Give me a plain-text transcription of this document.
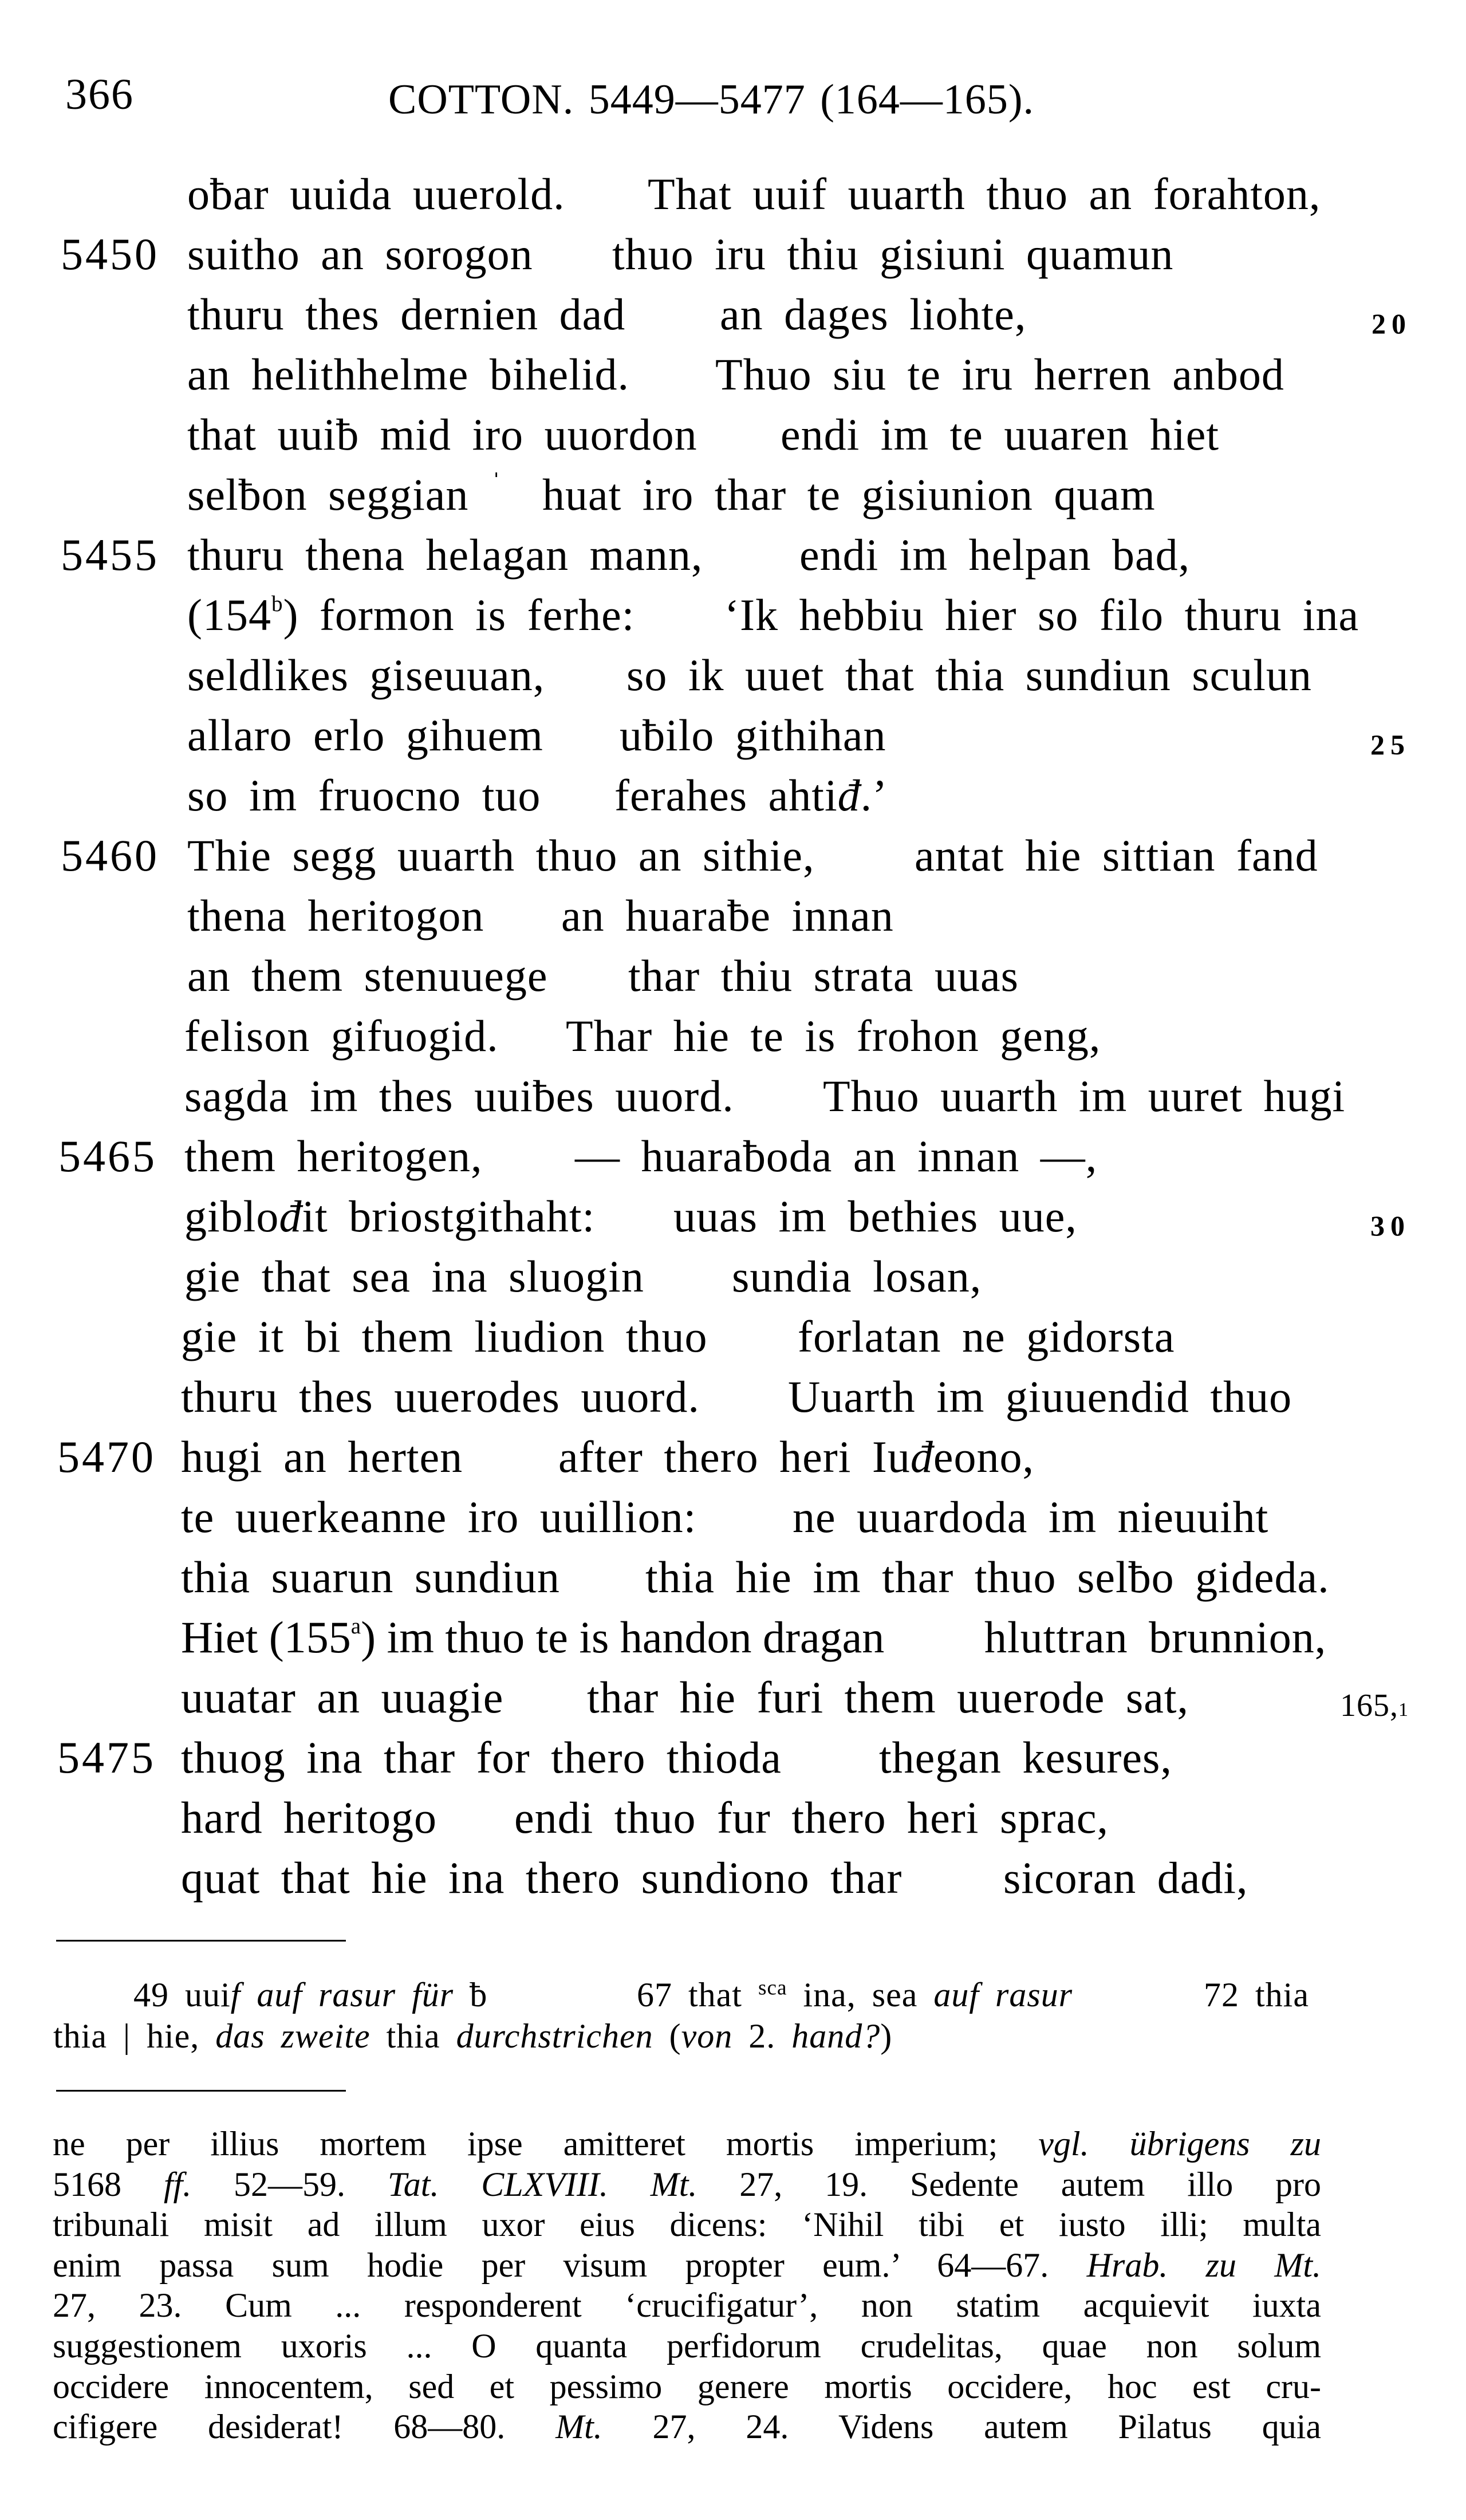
366	COTTON. 5449—5477 (164—165).
oƀar uuida uuerold. That uuif uuarth thuo an forahton,
5450 suitho an sorogon thuo iru thiu gisiuni quamun
thuru thes dernien dad an dages liohte,	20
an helithhelme bihelid. Thuo siu te iru herren anbod
that uuiƀ mid iro uuordon endi im te uuaren hiet
selƀon seggian ˈ huat iro thar te gisiunion quam
5455 thuru thena helagan mann, endi im helpan bad,
(154$^b$) formon is ferhe: ‘Ik hebbiu hier so filo thuru ina
seldlikes giseuuan, so ik uuet that thia sundiun sculun
allaro erlo gihuem uƀilo githihan	25
so im fruocno tuo ferahes ahtiđ.’
5460 Thie segg uuarth thuo an sithie, antat hie sittian fand
thena heritogon an huaraƀe innan
an them stenuuege thar thiu strata uuas
felison gifuogid. Thar hie te is frohon geng,
sagda im thes uuiƀes uuord. Thuo uuarth im uuret hugi
5465 them heritogen, — huaraƀoda an innan —,
giblođit briostgithaht: uuas im bethies uue,	30
gie that sea ina sluogin sundia losan,
gie it bi them liudion thuo forlatan ne gidorsta
thuru thes uuerodes uuord. Uuarth im giuuendid thuo
5470 hugi an herten after thero heri Iuđeono,
te uuerkeanne iro uuillion: ne uuardoda im nieuuiht
thia suarun sundiun thia hie im thar thuo selƀo gideda.
Hiet (155$^a$) im thuo te is handon dragan hluttran brunnion,
uuatar an uuagie thar hie furi them uuerode sat,	165,1
5475 thuog ina thar for thero thioda thegan kesures,
hard heritogo endi thuo fur thero heri sprac,
quat that hie ina thero sundiono thar sicoran dadi,
49 uuif auf rasur für ƀ	67 that $^{sca}$ ina, sea auf rasur	72 thia
thia | hie, das zweite thia durchstrichen (von 2. hand?)
ne per illius mortem ipse amitteret mortis imperium; vgl. übrigens zu
5168 ff. 52—59. Tat. CLXVIII. Mt. 27, 19. Sedente autem illo pro
tribunali misit ad illum uxor eius dicens: ‘Nihil tibi et iusto illi; multa
enim passa sum hodie per visum propter eum.’ 64—67. Hrab. zu Mt.
27, 23. Cum ... responderent ‘crucifigatur’, non statim acquievit iuxta
suggestionem uxoris ... O quanta perfidorum crudelitas, quae non solum
occidere innocentem, sed et pessimo genere mortis occidere, hoc est cru-
cifigere desiderat! 68—80. Mt. 27, 24. Videns autem Pilatus quia
